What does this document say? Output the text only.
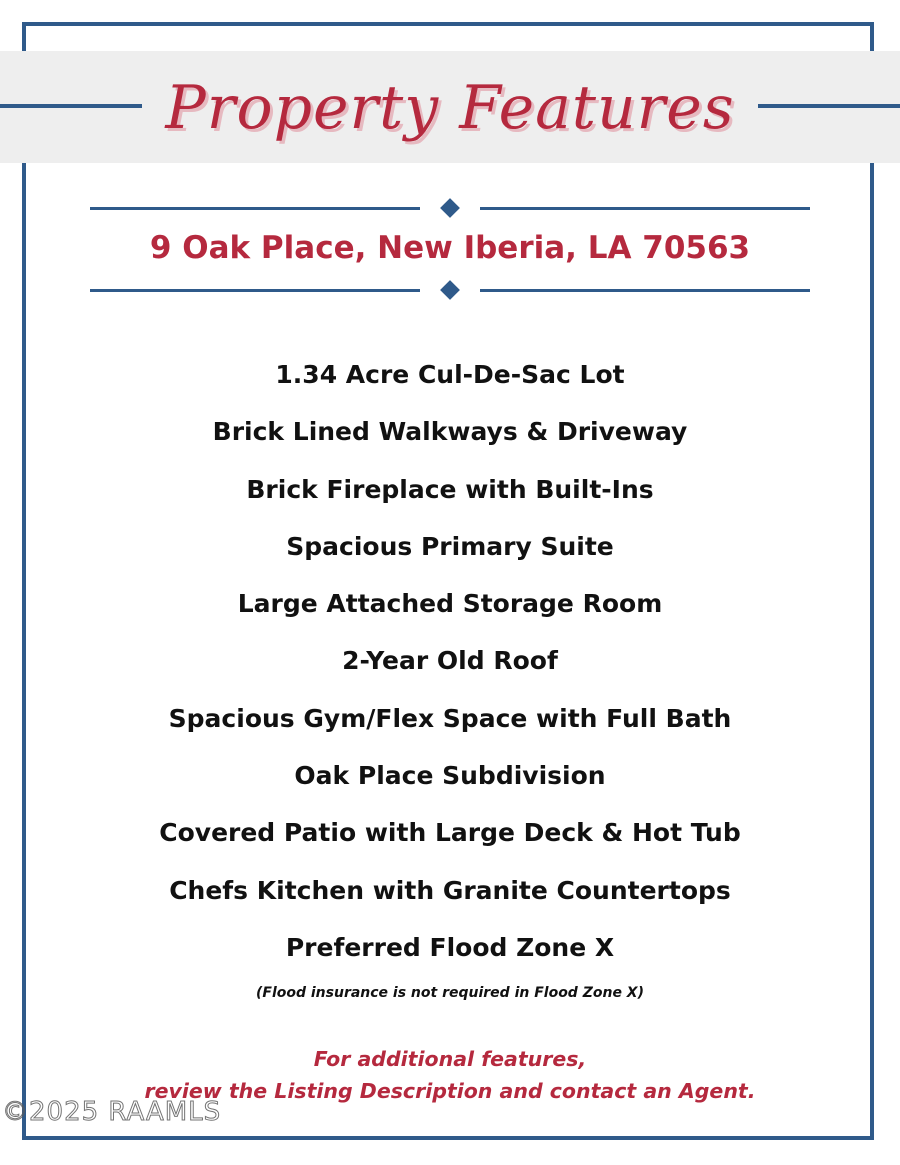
Property Features
9 Oak Place, New Iberia, LA 70563
1.34 Acre Cul-De-Sac Lot
Brick Lined Walkways & Driveway
Brick Fireplace with Built-Ins
Spacious Primary Suite
Large Attached Storage Room
2-Year Old Roof
Spacious Gym/Flex Space with Full Bath
Oak Place Subdivision
Covered Patio with Large Deck & Hot Tub
Chefs Kitchen with Granite Countertops
Preferred Flood Zone X
(Flood insurance is not required in Flood Zone X)
For additional features,
review the Listing Description and contact an Agent.
©2025 RAAMLS
